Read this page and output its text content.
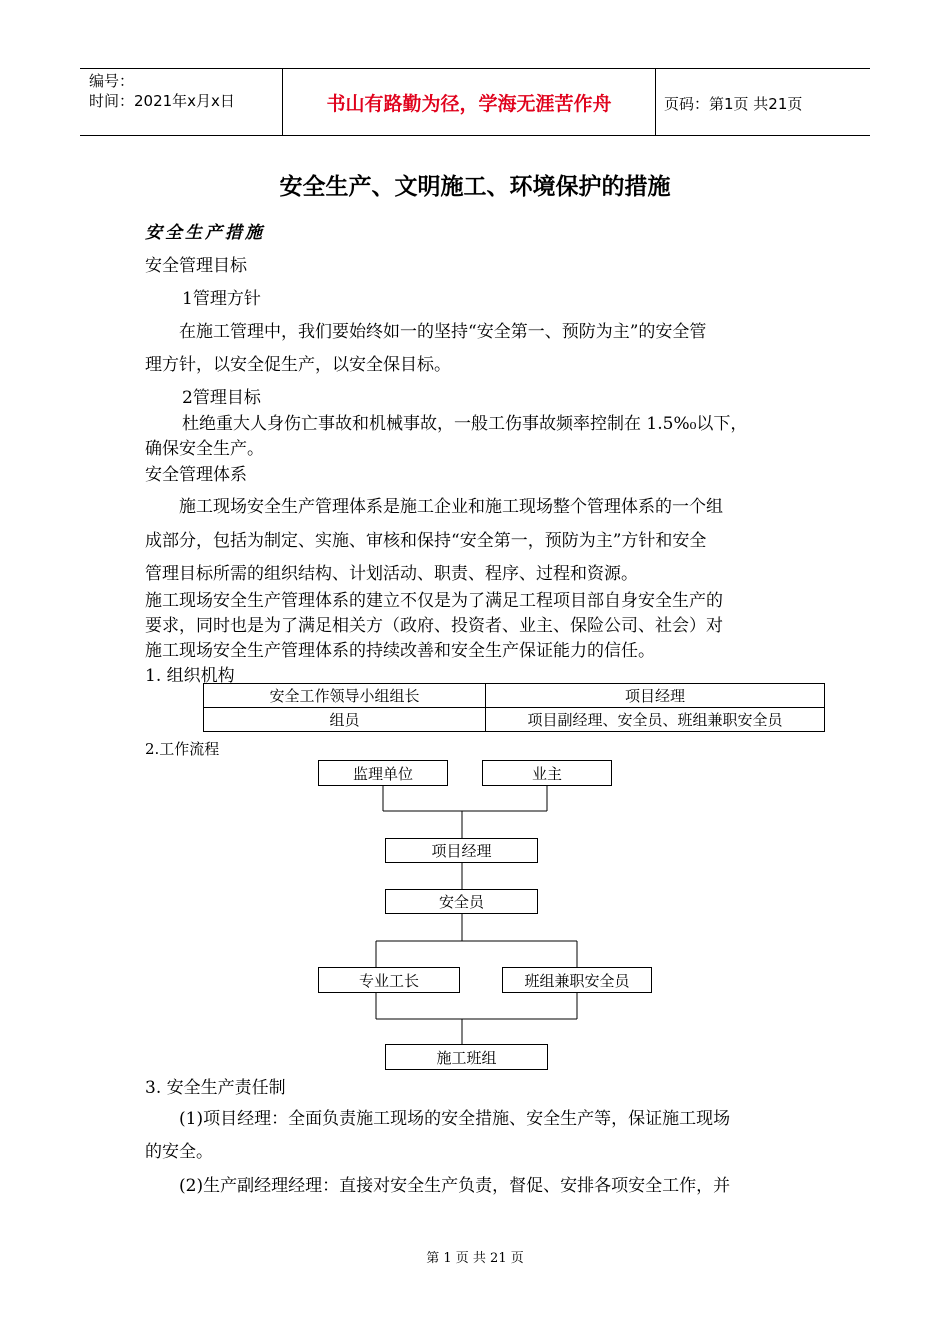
编号：
时间：2021年x月x日	书山有路勤为径，学海无涯苦作舟	页码：第1页 共21页
安全生产、文明施工、环境保护的措施
安全生产措施
安全管理目标
1管理方针
在施工管理中，我们要始终如一的坚持“安全第一、预防为主”的安全管
理方针，以安全促生产，以安全保目标。
2管理目标
杜绝重大人身伤亡事故和机械事故，一般工伤事故频率控制在 1.5%₀以下，
确保安全生产。
安全管理体系
施工现场安全生产管理体系是施工企业和施工现场整个管理体系的一个组
成部分，包括为制定、实施、审核和保持“安全第一，预防为主”方针和安全
管理目标所需的组织结构、计划活动、职责、程序、过程和资源。
施工现场安全生产管理体系的建立不仅是为了满足工程项目部自身安全生产的
要求，同时也是为了满足相关方（政府、投资者、业主、保险公司、社会）对
施工现场安全生产管理体系的持续改善和安全生产保证能力的信任。
1. 组织机构
安全工作领导小组组长	项目经理
组员	项目副经理、安全员、班组兼职安全员
2.工作流程
监理单位	业主
项目经理
安全员
专业工长	班组兼职安全员
施工班组
3. 安全生产责任制
(1)项目经理：全面负责施工现场的安全措施、安全生产等，保证施工现场
的安全。
(2)生产副经理经理：直接对安全生产负责，督促、安排各项安全工作，并
第 1 页 共 21 页
